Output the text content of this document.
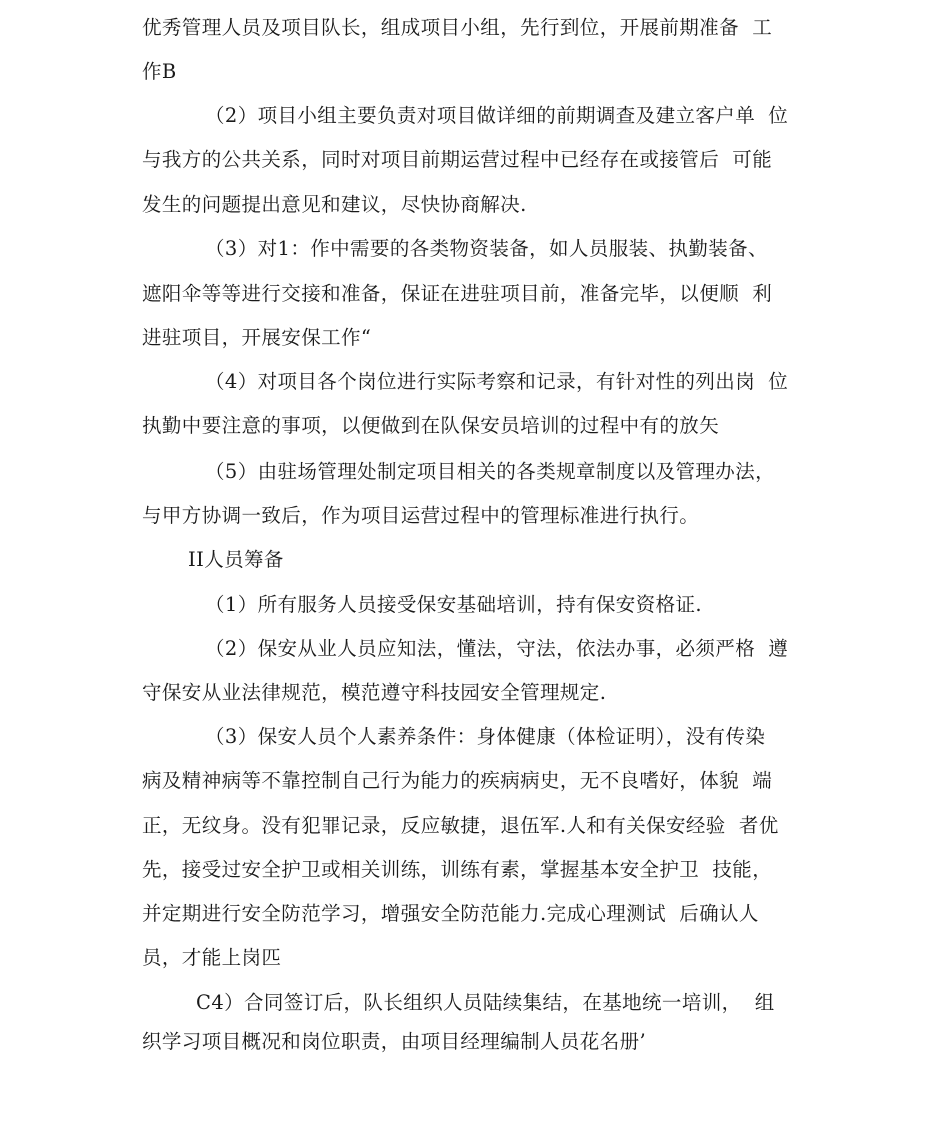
优秀管理人员及项目队长，组成项目小组，先行到位，开展前期准备  工
作B
（2）项目小组主要负责对项目做详细的前期调查及建立客户单  位
与我方的公共关系，同时对项目前期运营过程中已经存在或接管后  可能
发生的问题提出意见和建议，尽快协商解决.
（3）对1：作中需要的各类物资装备，如人员服装、执勤装备、
遮阳伞等等进行交接和准备，保证在进驻项目前，准备完毕，以便顺  利
进驻项目，开展安保工作“
（4）对项目各个岗位进行实际考察和记录，有针对性的列出岗  位
执勤中要注意的事项，以便做到在队保安员培训的过程中有的放矢
（5）由驻场管理处制定项目相关的各类规章制度以及管理办法，
与甲方协调一致后，作为项目运营过程中的管理标准进行执行。
II人员筹备
（1）所有服务人员接受保安基础培训，持有保安资格证.
（2）保安从业人员应知法，懂法，守法，依法办事，必须严格  遵
守保安从业法律规范，模范遵守科技园安全管理规定.
（3）保安人员个人素养条件：身体健康（体检证明），没有传染
病及精神病等不靠控制自己行为能力的疾病病史，无不良嗜好，体貌  端
正，无纹身。没有犯罪记录，反应敏捷，退伍军.人和有关保安经验  者优
先，接受过安全护卫或相关训练，训练有素，掌握基本安全护卫  技能，
并定期进行安全防范学习，增强安全防范能力.完成心理测试  后确认人
员，才能上岗匹
C4）合同签订后，队长组织人员陆续集结，在基地统一培训，  组
织学习项目概况和岗位职责，由项目经理编制人员花名册’
